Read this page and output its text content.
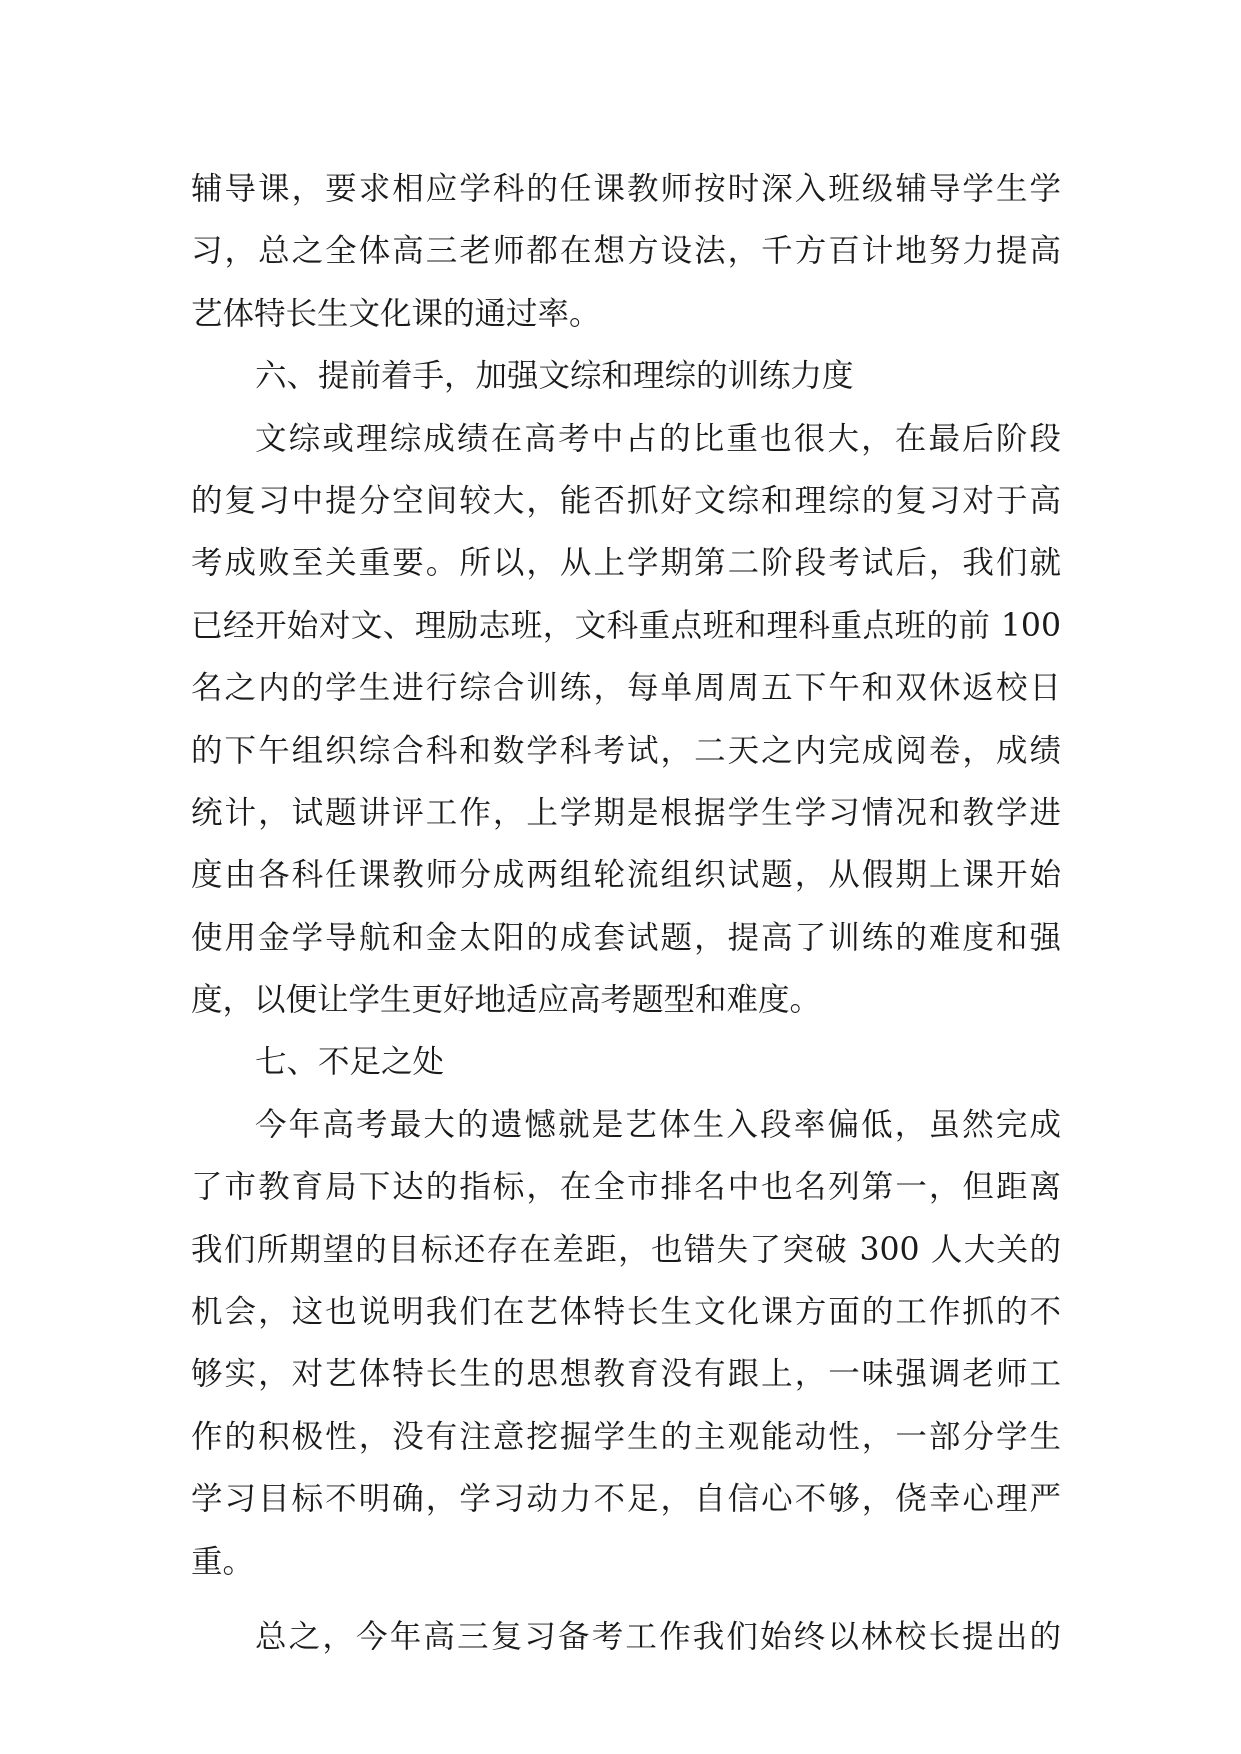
辅导课，要求相应学科的任课教师按时深入班级辅导学生学
习，总之全体高三老师都在想方设法，千方百计地努力提高
艺体特长生文化课的通过率。
六、提前着手，加强文综和理综的训练力度
文综或理综成绩在高考中占的比重也很大，在最后阶段
的复习中提分空间较大，能否抓好文综和理综的复习对于高
考成败至关重要。所以，从上学期第二阶段考试后，我们就
已经开始对文、理励志班，文科重点班和理科重点班的前 100
名之内的学生进行综合训练，每单周周五下午和双休返校日
的下午组织综合科和数学科考试，二天之内完成阅卷，成绩
统计，试题讲评工作，上学期是根据学生学习情况和教学进
度由各科任课教师分成两组轮流组织试题，从假期上课开始
使用金学导航和金太阳的成套试题，提高了训练的难度和强
度，以便让学生更好地适应高考题型和难度。
七、不足之处
今年高考最大的遗憾就是艺体生入段率偏低，虽然完成
了市教育局下达的指标，在全市排名中也名列第一，但距离
我们所期望的目标还存在差距，也错失了突破 300 人大关的
机会，这也说明我们在艺体特长生文化课方面的工作抓的不
够实，对艺体特长生的思想教育没有跟上，一味强调老师工
作的积极性，没有注意挖掘学生的主观能动性，一部分学生
学习目标不明确，学习动力不足，自信心不够，侥幸心理严
重。
总之，今年高三复习备考工作我们始终以林校长提出的
